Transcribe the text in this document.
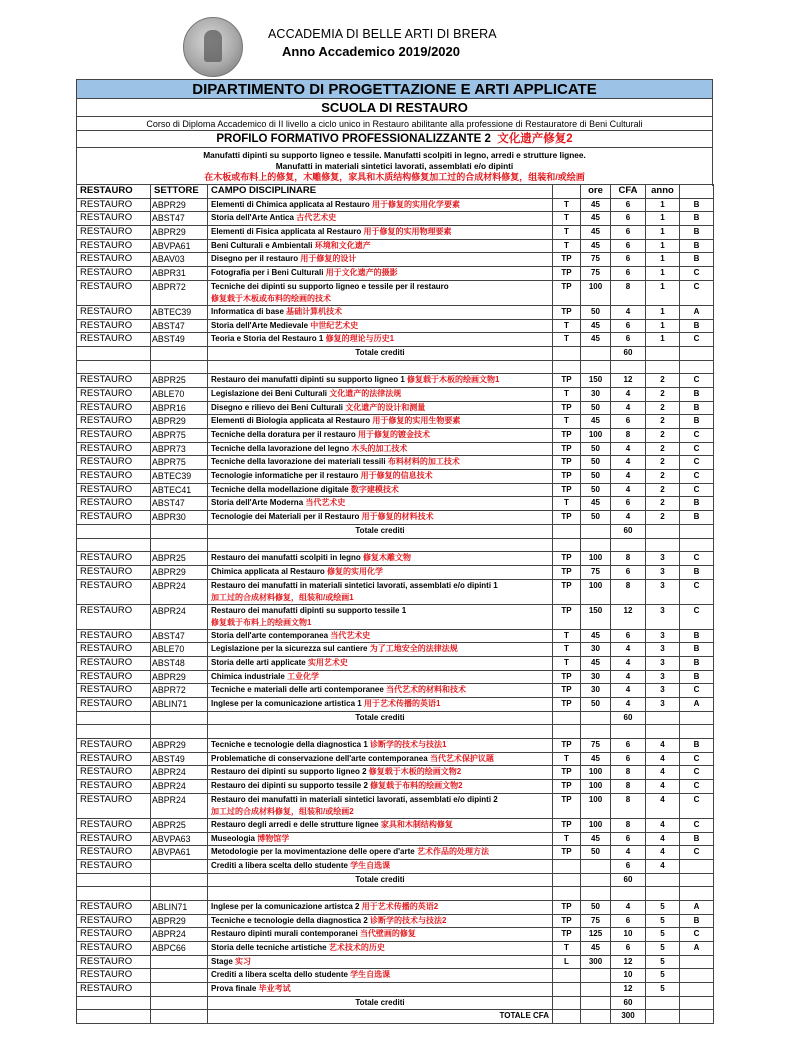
ACCADEMIA DI BELLE ARTI DI BRERA
Anno Accademico 2019/2020
DIPARTIMENTO DI PROGETTAZIONE E ARTI APPLICATE
SCUOLA DI RESTAURO
Corso di Diploma Accademico di II livello a ciclo unico in Restauro abilitante alla professione di Restauratore di Beni Culturali
PROFILO FORMATIVO PROFESSIONALIZZANTE 2 文化遗产修复2
Manufatti dipinti su supporto ligneo e tessile. Manufatti scolpiti in legno, arredi e strutture lignee.
Manufatti in materiali sintetici lavorati, assemblati e/o dipinti
在木板或布料上的修复，木雕修复，家具和木质结构修复加工过的合成材料修复，组装和/或绘画
RESTAURO	SETTORE	CAMPO DISCIPLINARE		ore	CFA	anno	
RESTAURO	ABPR29	Elementi di Chimica applicata al Restauro 用于修复的实用化学要素	T	45	6	1	B
RESTAURO	ABST47	Storia dell'Arte Antica 古代艺术史	T	45	6	1	B
RESTAURO	ABPR29	Elementi di Fisica applicata al Restauro 用于修复的实用物理要素	T	45	6	1	B
RESTAURO	ABVPA61	Beni Culturali e Ambientali 环境和文化遗产	T	45	6	1	B
RESTAURO	ABAV03	Disegno per il restauro 用于修复的设计	TP	75	6	1	B
RESTAURO	ABPR31	Fotografia per i Beni Culturali 用于文化遗产的摄影	TP	75	6	1	C
RESTAURO	ABPR72	Tecniche dei dipinti su supporto ligneo e tessile per il restauro
修复载于木板或布料的绘画的技术	TP	100	8	1	C
RESTAURO	ABTEC39	Informatica di base 基础计算机技术	TP	50	4	1	A
RESTAURO	ABST47	Storia dell'Arte Medievale 中世纪艺术史	T	45	6	1	B
RESTAURO	ABST49	Teoria e Storia del Restauro 1 修复的理论与历史1	T	45	6	1	C
		Totale crediti			60		

RESTAURO	ABPR25	Restauro dei manufatti dipinti su supporto ligneo 1 修复载于木板的绘画文物1	TP	150	12	2	C
RESTAURO	ABLE70	Legislazione dei Beni Culturali 文化遗产的法律法规	T	30	4	2	B
RESTAURO	ABPR16	Disegno e rilievo dei Beni Culturali 文化遗产的设计和测量	TP	50	4	2	B
RESTAURO	ABPR29	Elementi di Biologia applicata al Restauro 用于修复的实用生物要素	T	45	6	2	B
RESTAURO	ABPR75	Tecniche della doratura per il restauro 用于修复的镀金技术	TP	100	8	2	C
RESTAURO	ABPR73	Tecniche della lavorazione del legno 木头的加工技术	TP	50	4	2	C
RESTAURO	ABPR75	Tecniche della lavorazione dei materiali tessili 布料材料的加工技术	TP	50	4	2	C
RESTAURO	ABTEC39	Tecnologie informatiche per il restauro 用于修复的信息技术	TP	50	4	2	C
RESTAURO	ABTEC41	Tecniche della modellazione digitale 数字建模技术	TP	50	4	2	C
RESTAURO	ABST47	Storia dell'Arte Moderna 当代艺术史	T	45	6	2	B
RESTAURO	ABPR30	Tecnologie dei Materiali per il Restauro 用于修复的材料技术	TP	50	4	2	B
		Totale crediti			60		

RESTAURO	ABPR25	Restauro dei manufatti scolpiti in legno 修复木雕文物	TP	100	8	3	C
RESTAURO	ABPR29	Chimica applicata al Restauro 修复的实用化学	TP	75	6	3	B
RESTAURO	ABPR24	Restauro dei manufatti in materiali sintetici lavorati, assemblati e/o dipinti 1
加工过的合成材料修复，组装和/或绘画1	TP	100	8	3	C
RESTAURO	ABPR24	Restauro dei manufatti dipinti su supporto tessile 1
修复载于布料上的绘画文物1	TP	150	12	3	C
RESTAURO	ABST47	Storia dell'arte contemporanea 当代艺术史	T	45	6	3	B
RESTAURO	ABLE70	Legislazione per la sicurezza sul cantiere 为了工地安全的法律法规	T	30	4	3	B
RESTAURO	ABST48	Storia delle arti applicate 实用艺术史	T	45	4	3	B
RESTAURO	ABPR29	Chimica industriale 工业化学	TP	30	4	3	B
RESTAURO	ABPR72	Tecniche e materiali delle arti contemporanee 当代艺术的材料和技术	TP	30	4	3	C
RESTAURO	ABLIN71	Inglese per la comunicazione artistica 1 用于艺术传播的英语1	TP	50	4	3	A
		Totale crediti			60		

RESTAURO	ABPR29	Tecniche e tecnologie della diagnostica 1 诊断学的技术与技法1	TP	75	6	4	B
RESTAURO	ABST49	Problematiche di conservazione dell'arte contemporanea 当代艺术保护议题	T	45	6	4	C
RESTAURO	ABPR24	Restauro dei dipinti su supporto ligneo 2 修复载于木板的绘画文物2	TP	100	8	4	C
RESTAURO	ABPR24	Restauro dei dipinti su supporto tessile 2 修复载于布料的绘画文物2	TP	100	8	4	C
RESTAURO	ABPR24	Restauro dei manufatti in materiali sintetici lavorati, assemblati e/o dipinti 2
加工过的合成材料修复，组装和/或绘画2	TP	100	8	4	C
RESTAURO	ABPR25	Restauro degli arredi e delle strutture lignee 家具和木制结构修复	TP	100	8	4	C
RESTAURO	ABVPA63	Museologia 博物馆学	T	45	6	4	B
RESTAURO	ABVPA61	Metodologie per la movimentazione delle opere d'arte 艺术作品的处理方法	TP	50	4	4	C
RESTAURO		Crediti a libera scelta dello studente 学生自选课			6	4	
		Totale crediti			60		

RESTAURO	ABLIN71	Inglese per la comunicazione artistca 2 用于艺术传播的英语2	TP	50	4	5	A
RESTAURO	ABPR29	Tecniche e tecnologie della diagnostica 2 诊断学的技术与技法2	TP	75	6	5	B
RESTAURO	ABPR24	Restauro dipinti murali contemporanei 当代壁画的修复	TP	125	10	5	C
RESTAURO	ABPC66	Storia delle tecniche artistiche 艺术技术的历史	T	45	6	5	A
RESTAURO		Stage 实习	L	300	12	5	
RESTAURO		Crediti a libera scelta dello studente 学生自选课			10	5	
RESTAURO		Prova finale 毕业考试			12	5	
		Totale crediti			60		
		TOTALE CFA			300		
